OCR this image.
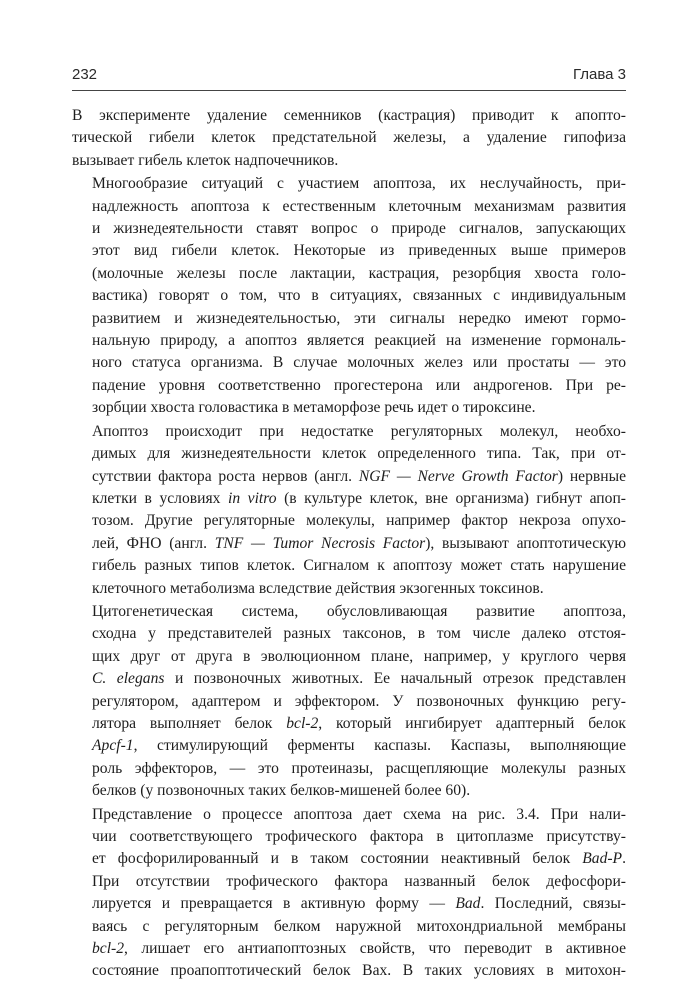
232	Глава 3

В эксперименте удаление семенников (кастрация) приводит к апопто-
тической гибели клеток предстательной железы, а удаление гипофиза
вызывает гибель клеток надпочечников.

Многообразие ситуаций с участием апоптоза, их неслучайность, при-
надлежность апоптоза к естественным клеточным механизмам развития
и жизнедеятельности ставят вопрос о природе сигналов, запускающих
этот вид гибели клеток. Некоторые из приведенных выше примеров
(молочные железы после лактации, кастрация, резорбция хвоста голо-
вастика) говорят о том, что в ситуациях, связанных с индивидуальным
развитием и жизнедеятельностью, эти сигналы нередко имеют гормо-
нальную природу, а апоптоз является реакцией на изменение гормональ-
ного статуса организма. В случае молочных желез или простаты — это
падение уровня соответственно прогестерона или андрогенов. При ре-
зорбции хвоста головастика в метаморфозе речь идет о тироксине.

Апоптоз происходит при недостатке регуляторных молекул, необхо-
димых для жизнедеятельности клеток определенного типа. Так, при от-
сутствии фактора роста нервов (англ. NGF — Nerve Growth Factor) нервные
клетки в условиях in vitro (в культуре клеток, вне организма) гибнут апоп-
тозом. Другие регуляторные молекулы, например фактор некроза опухо-
лей, ФНО (англ. TNF — Tumor Necrosis Factor), вызывают апоптотическую
гибель разных типов клеток. Сигналом к апоптозу может стать нарушение
клеточного метаболизма вследствие действия экзогенных токсинов.

Цитогенетическая система, обусловливающая развитие апоптоза,
сходна у представителей разных таксонов, в том числе далеко отстоя-
щих друг от друга в эволюционном плане, например, у круглого червя
C. elegans и позвоночных животных. Ее начальный отрезок представлен
регулятором, адаптером и эффектором. У позвоночных функцию регу-
лятора выполняет белок bcl-2, который ингибирует адаптерный белок
Apcf-1, стимулирующий ферменты каспазы. Каспазы, выполняющие
роль эффекторов, — это протеиназы, расщепляющие молекулы разных
белков (у позвоночных таких белков-мишеней более 60).

Представление о процессе апоптоза дает схема на рис. 3.4. При нали-
чии соответствующего трофического фактора в цитоплазме присутству-
ет фосфорилированный и в таком состоянии неактивный белок Bad-P.
При отсутствии трофического фактора названный белок дефосфори-
лируется и превращается в активную форму — Bad. Последний, связы-
ваясь с регуляторным белком наружной митохондриальной мембраны
bcl-2, лишает его антиапоптозных свойств, что переводит в активное
состояние проапоптотический белок Bax. В таких условиях в митохон-
